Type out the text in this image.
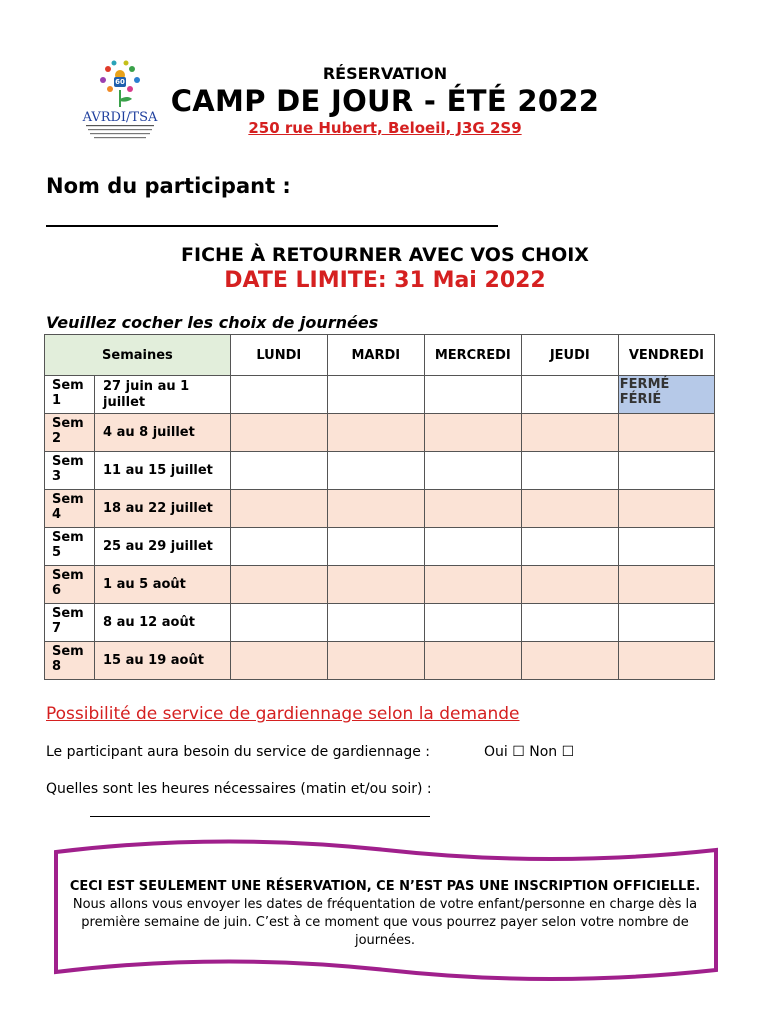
60
AVRDI/TSA
RÉSERVATION
CAMP DE JOUR - ÉTÉ 2022
250 rue Hubert, Beloeil, J3G 2S9
Nom du participant :
FICHE À RETOURNER AVEC VOS CHOIX
DATE LIMITE: 31 Mai 2022
Veuillez cocher les choix de journées
Semaines		LUNDI	MARDI	MERCREDI	JEUDI	VENDREDI
Sem 1	27 juin au 1 juillet					FERMÉ FÉRIÉ
Sem 2	4 au 8 juillet					
Sem 3	11 au 15 juillet					
Sem 4	18 au 22 juillet					
Sem 5	25 au 29 juillet					
Sem 6	1 au 5 août					
Sem 7	8 au 12 août					
Sem 8	15 au 19 août					
Possibilité de service de gardiennage selon la demande
Le participant aura besoin du service de gardiennage :	Oui ☐ Non ☐
Quelles sont les heures nécessaires (matin et/ou soir) :
CECI EST SEULEMENT UNE RÉSERVATION, CE N’EST PAS UNE INSCRIPTION OFFICIELLE. Nous allons vous envoyer les dates de fréquentation de votre enfant/personne en charge dès la première semaine de juin. C’est à ce moment que vous pourrez payer selon votre nombre de journées.
